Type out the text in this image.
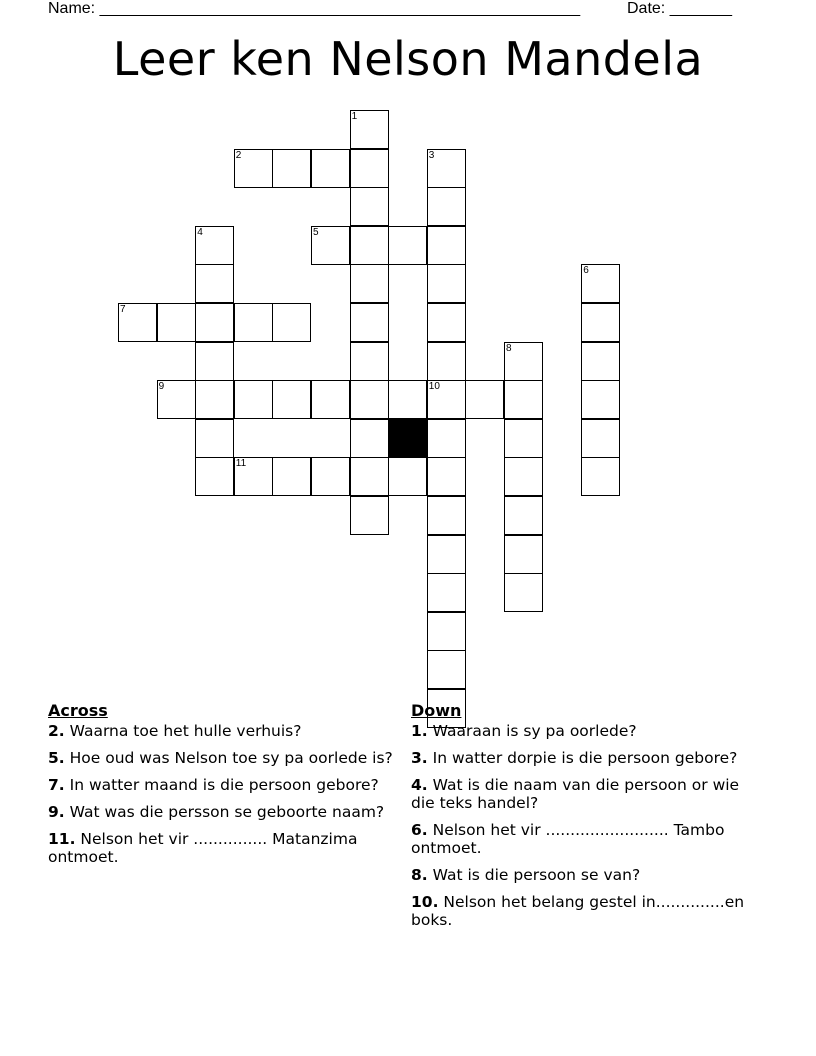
Name: ______________________________________________________	Date: _______
Leer ken Nelson Mandela
1
2	3
10
4	5
6
7
8
9
11
Across
2. Waarna toe het hulle verhuis?
5. Hoe oud was Nelson toe sy pa oorlede is?
7. In watter maand is die persoon gebore?
9. Wat was die persson se geboorte naam?
11. Nelson het vir ............... Matanzima ontmoet.
Down
1. Waaraan is sy pa oorlede?
3. In watter dorpie is die persoon gebore?
4. Wat is die naam van die persoon or wie die teks handel?
6. Nelson het vir ......................... Tambo ontmoet.
8. Wat is die persoon se van?
10. Nelson het belang gestel in..............en boks.
